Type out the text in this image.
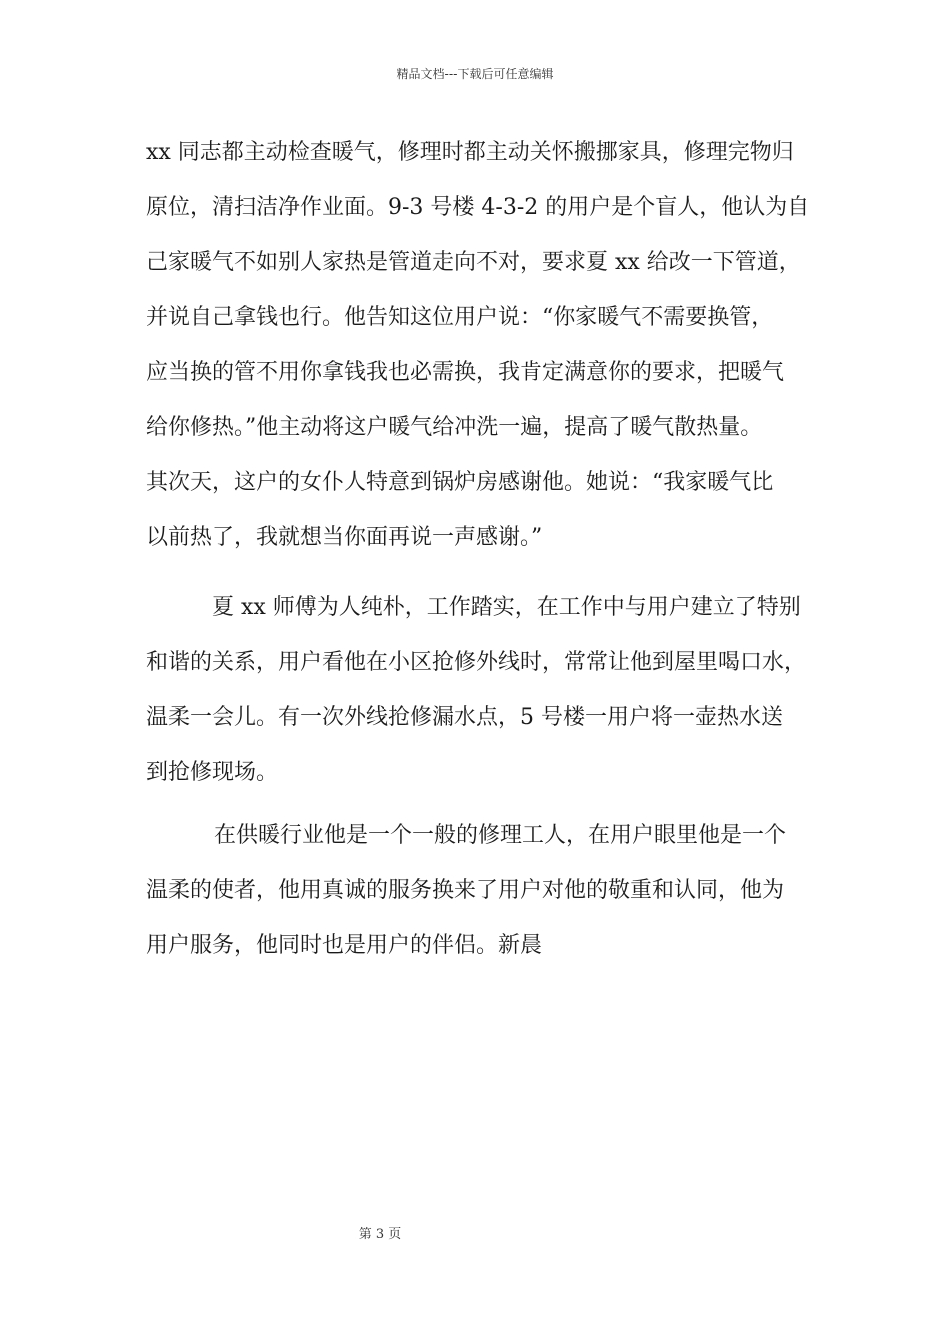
精品文档---下载后可任意编辑
xx 同志都主动检查暖气，修理时都主动关怀搬挪家具，修理完物归
原位，清扫洁净作业面。9-3 号楼 4-3-2 的用户是个盲人，他认为自
己家暖气不如别人家热是管道走向不对，要求夏 xx 给改一下管道，
并说自己拿钱也行。他告知这位用户说：“你家暖气不需要换管，
应当换的管不用你拿钱我也必需换，我肯定满意你的要求，把暖气
给你修热。”他主动将这户暖气给冲洗一遍，提高了暖气散热量。
其次天，这户的女仆人特意到锅炉房感谢他。她说：“我家暖气比
以前热了，我就想当你面再说一声感谢。”
夏 xx 师傅为人纯朴，工作踏实，在工作中与用户建立了特别
和谐的关系，用户看他在小区抢修外线时，常常让他到屋里喝口水，
温柔一会儿。有一次外线抢修漏水点，5 号楼一用户将一壶热水送
到抢修现场。
在供暖行业他是一个一般的修理工人，在用户眼里他是一个
温柔的使者，他用真诚的服务换来了用户对他的敬重和认同，他为
用户服务，他同时也是用户的伴侣。新晨
第 3 页
